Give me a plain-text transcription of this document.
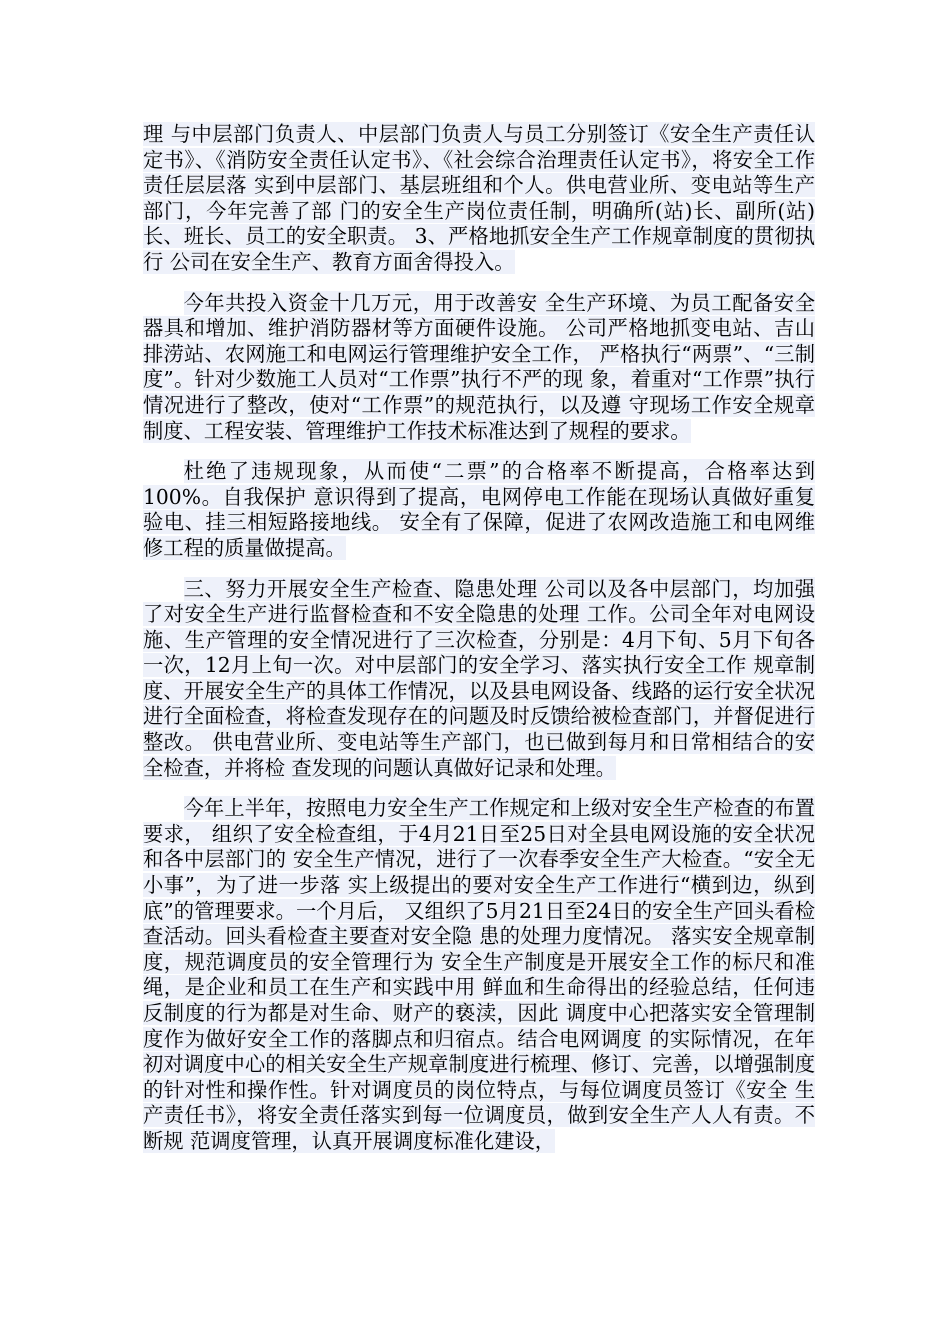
理 与中层部门负责人、中层部门负责人与员工分别签订《安全生产责任认定书》、《消防安全责任认定书》、《社会综合治理责任认定书》，将安全工作责任层层落 实到中层部门、基层班组和个人。供电营业所、变电站等生产部门，今年完善了部 门的安全生产岗位责任制，明确所(站)长、副所(站)长、班长、员工的安全职责。 3、严格地抓安全生产工作规章制度的贯彻执行 公司在安全生产、教育方面舍得投入。

今年共投入资金十几万元，用于改善安 全生产环境、为员工配备安全器具和增加、维护消防器材等方面硬件设施。 公司严格地抓变电站、吉山排涝站、农网施工和电网运行管理维护安全工作， 严格执行“两票”、“三制度”。针对少数施工人员对“工作票”执行不严的现 象，着重对“工作票”执行情况进行了整改，使对“工作票”的规范执行，以及遵 守现场工作安全规章制度、工程安装、管理维护工作技术标准达到了规程的要求。

杜绝了违规现象，从而使“二票”的合格率不断提高，合格率达到100%。自我保护 意识得到了提高，电网停电工作能在现场认真做好重复验电、挂三相短路接地线。 安全有了保障，促进了农网改造施工和电网维修工程的质量做提高。

三、努力开展安全生产检查、隐患处理 公司以及各中层部门，均加强了对安全生产进行监督检查和不安全隐患的处理 工作。公司全年对电网设施、生产管理的安全情况进行了三次检查，分别是：4月下旬、5月下旬各一次，12月上旬一次。对中层部门的安全学习、落实执行安全工作 规章制度、开展安全生产的具体工作情况，以及县电网设备、线路的运行安全状况 进行全面检查，将检查发现存在的问题及时反馈给被检查部门，并督促进行整改。 供电营业所、变电站等生产部门，也已做到每月和日常相结合的安全检查，并将检 查发现的问题认真做好记录和处理。

今年上半年，按照电力安全生产工作规定和上级对安全生产检查的布置要求， 组织了安全检查组，于4月21日至25日对全县电网设施的安全状况和各中层部门的 安全生产情况，进行了一次春季安全生产大检查。“安全无小事”，为了进一步落 实上级提出的要对安全生产工作进行“横到边，纵到底”的管理要求。一个月后， 又组织了5月21日至24日的安全生产回头看检查活动。回头看检查主要查对安全隐 患的处理力度情况。 落实安全规章制度，规范调度员的安全管理行为 安全生产制度是开展安全工作的标尺和准绳，是企业和员工在生产和实践中用 鲜血和生命得出的经验总结，任何违反制度的行为都是对生命、财产的亵渎，因此 调度中心把落实安全管理制度作为做好安全工作的落脚点和归宿点。结合电网调度 的实际情况，在年初对调度中心的相关安全生产规章制度进行梳理、修订、完善，以增强制度的针对性和操作性。针对调度员的岗位特点，与每位调度员签订《安全 生产责任书》，将安全责任落实到每一位调度员，做到安全生产人人有责。不断规 范调度管理，认真开展调度标准化建设，
